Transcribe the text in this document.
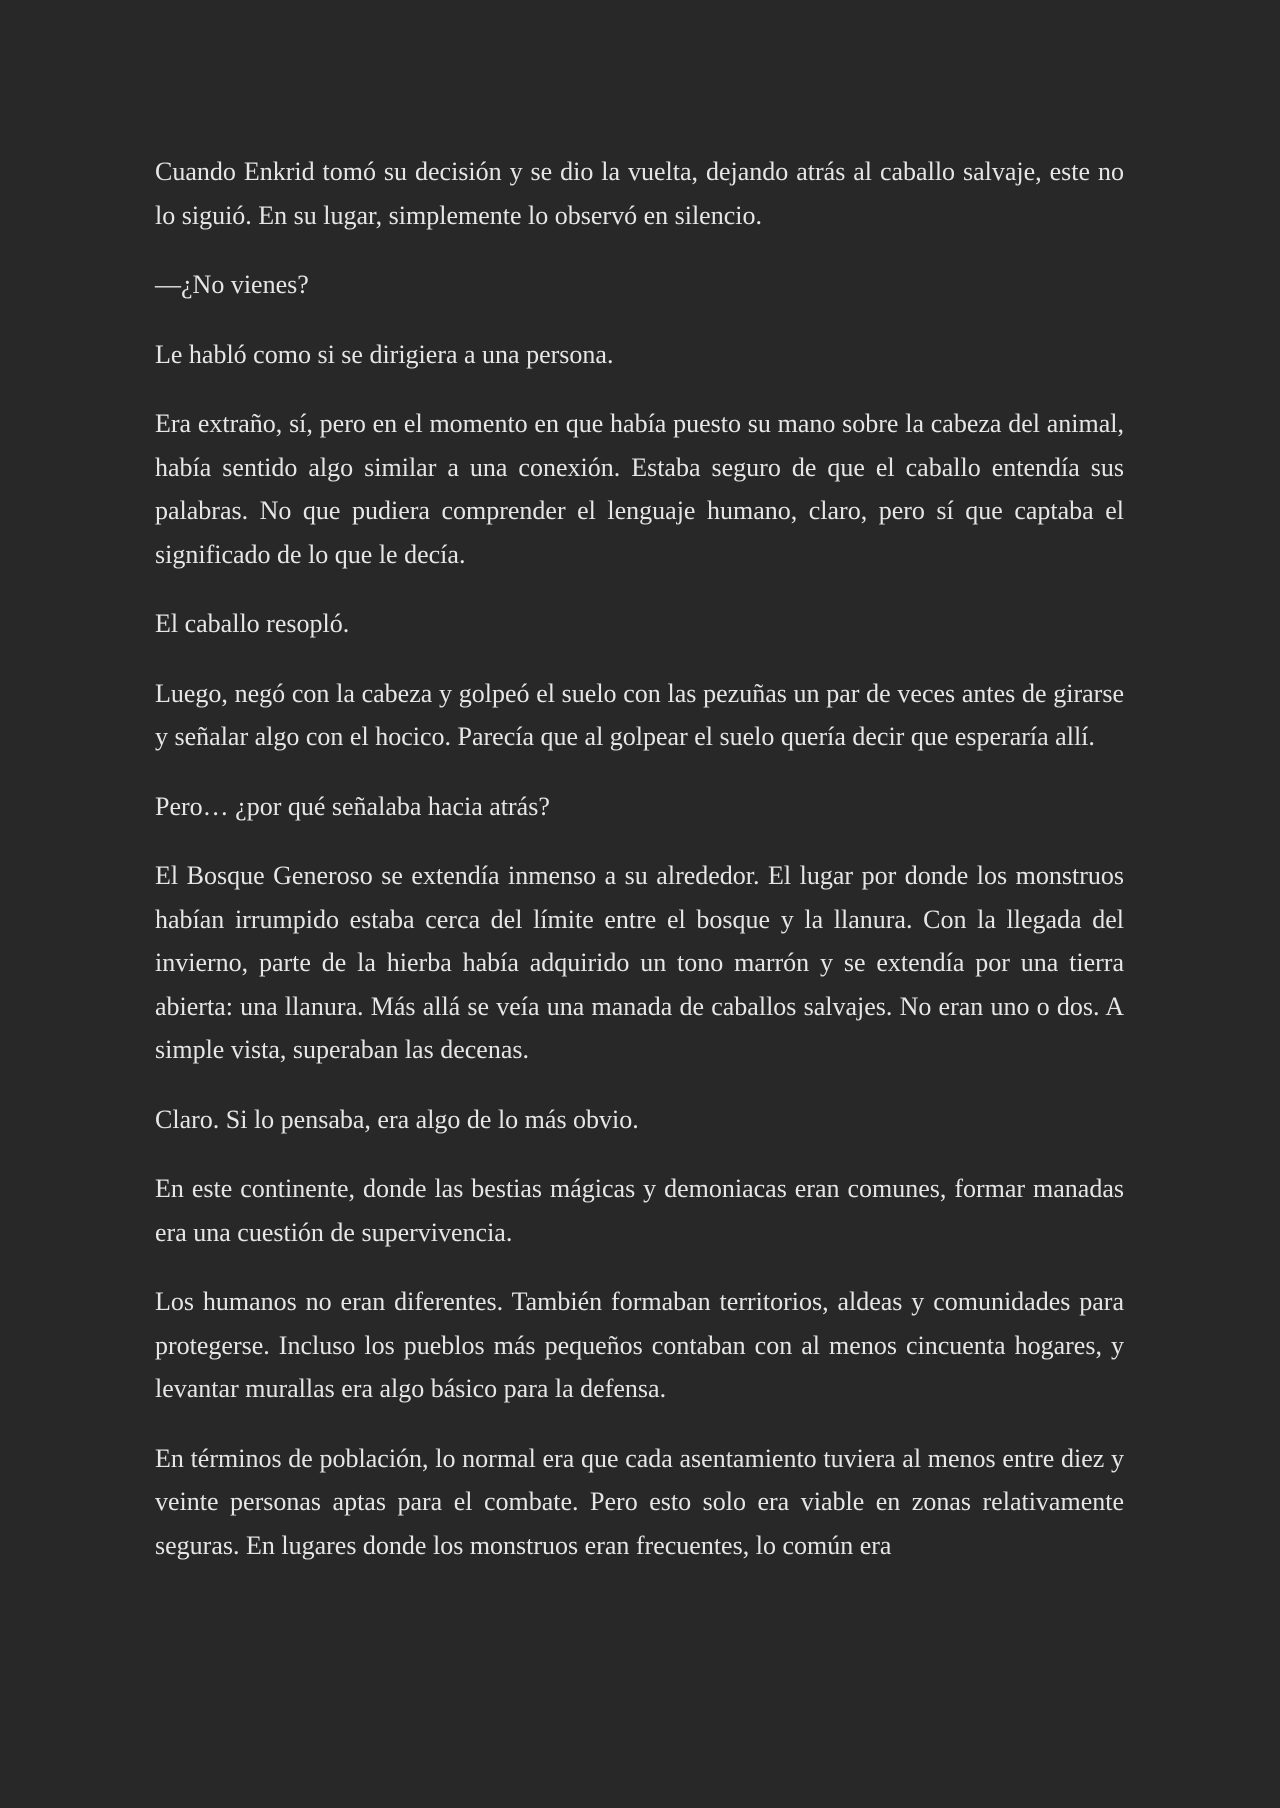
Cuando Enkrid tomó su decisión y se dio la vuelta, dejando atrás al caballo salvaje, este no lo siguió. En su lugar, simplemente lo observó en silencio.

—¿No vienes?

Le habló como si se dirigiera a una persona.

Era extraño, sí, pero en el momento en que había puesto su mano sobre la cabeza del animal, había sentido algo similar a una conexión. Estaba seguro de que el caballo entendía sus palabras. No que pudiera comprender el lenguaje humano, claro, pero sí que captaba el significado de lo que le decía.

El caballo resopló.

Luego, negó con la cabeza y golpeó el suelo con las pezuñas un par de veces antes de girarse y señalar algo con el hocico. Parecía que al golpear el suelo quería decir que esperaría allí.

Pero… ¿por qué señalaba hacia atrás?

El Bosque Generoso se extendía inmenso a su alrededor. El lugar por donde los monstruos habían irrumpido estaba cerca del límite entre el bosque y la llanura. Con la llegada del invierno, parte de la hierba había adquirido un tono marrón y se extendía por una tierra abierta: una llanura. Más allá se veía una manada de caballos salvajes. No eran uno o dos. A simple vista, superaban las decenas.

Claro. Si lo pensaba, era algo de lo más obvio.

En este continente, donde las bestias mágicas y demoniacas eran comunes, formar manadas era una cuestión de supervivencia.

Los humanos no eran diferentes. También formaban territorios, aldeas y comunidades para protegerse. Incluso los pueblos más pequeños contaban con al menos cincuenta hogares, y levantar murallas era algo básico para la defensa.

En términos de población, lo normal era que cada asentamiento tuviera al menos entre diez y veinte personas aptas para el combate. Pero esto solo era viable en zonas relativamente seguras. En lugares donde los monstruos eran frecuentes, lo común era
